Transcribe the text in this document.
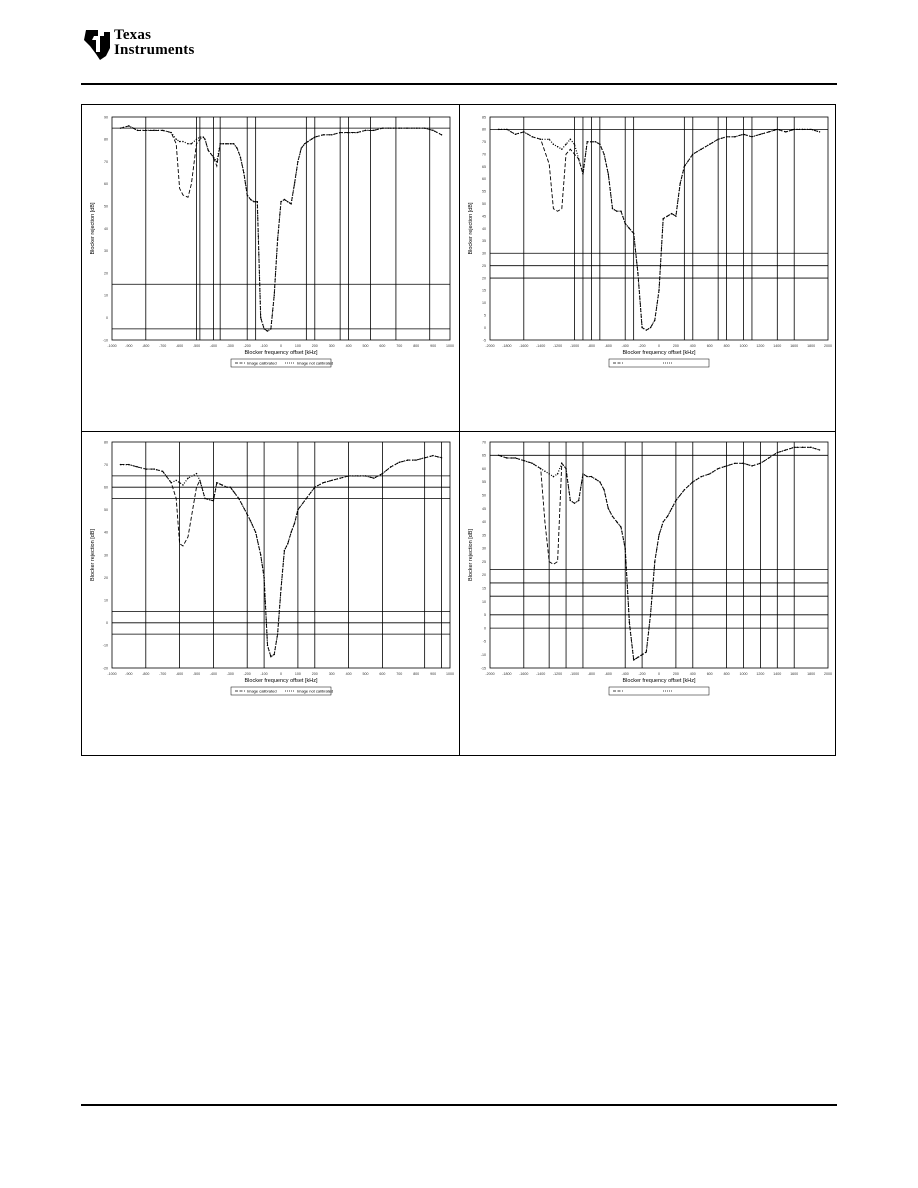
Texas
Instruments
-1000 -900	-800	-700	-600	-500	-400	-300	-200	-100	0	100	200	300	400	500	600	700	800	900	1000
-10
0
10
20
30
40
50
60
70
80
90
Blocker frequency offset [kHz]
Blocker rejection [dB]
Image calibrated	Image not calibrated
-2000 -1800 -1600 -1400 -1200 -1000 -800	-600	-400	-200	0	200	400	600	800	1000 1200 1400 1600 1800 2000
-5
0
5
10
15
20
25
30
35
40
45
50
55
60
65
70
75
80
85
Blocker frequency offset [kHz]
Blocker rejection [dB]
-1000 -900	-800	-700	-600	-500	-400	-300	-200	-100	0	100	200	300	400	500	600	700	800	900	1000
-20
-10
0
10
20
30
40
50
60
70
80
Blocker frequency offset [kHz]
Blocker rejection [dB]
Image calibrated	Image not calibrated
-2000 -1800 -1600 -1400 -1200 -1000 -800	-600	-400	-200	0	200	400	600	800	1000 1200 1400 1600 1800 2000
-15
-10
-5
0
5
10
15
20
25
30
35
40
45
50
55
60
65
70
Blocker frequency offset [kHz]
Blocker rejection [dB]
